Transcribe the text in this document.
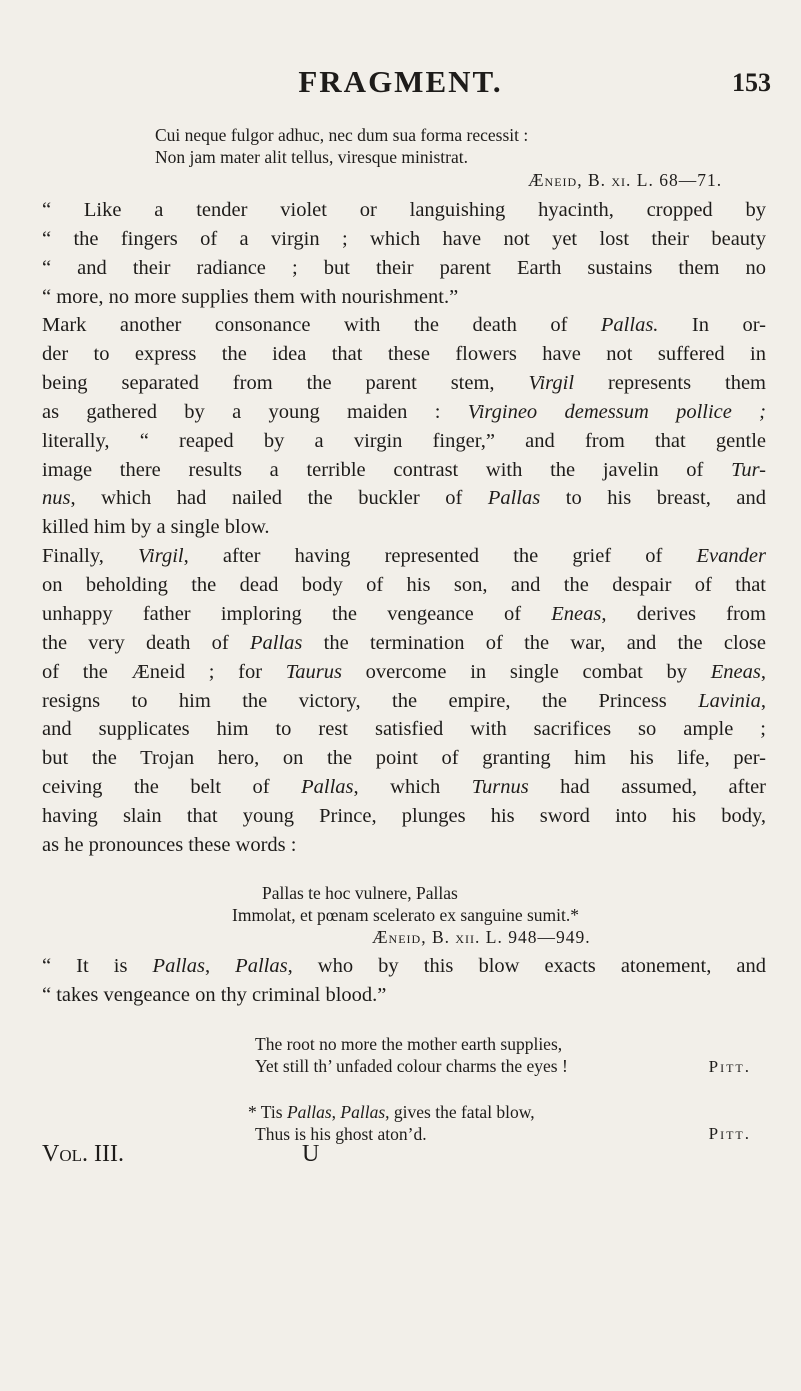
FRAGMENT.	153
Cui neque fulgor adhuc, nec dum sua forma recessit :
Non jam mater alit tellus, viresque ministrat.
Æneid, B. xi. L. 68—71.
“ Like a tender violet or languishing hyacinth, cropped by
“ the fingers of a virgin ; which have not yet lost their beauty
“ and their radiance ; but their parent Earth sustains them no
“ more, no more supplies them with nourishment.”
Mark another consonance with the death of Pallas. In or-
der to express the idea that these flowers have not suffered in
being separated from the parent stem, Virgil represents them
as gathered by a young maiden : Virgineo demessum pollice ;
literally, “ reaped by a virgin finger,” and from that gentle
image there results a terrible contrast with the javelin of Tur-
nus, which had nailed the buckler of Pallas to his breast, and
killed him by a single blow.
Finally, Virgil, after having represented the grief of Evander
on beholding the dead body of his son, and the despair of that
unhappy father imploring the vengeance of Eneas, derives from
the very death of Pallas the termination of the war, and the close
of the Æneid ; for Taurus overcome in single combat by Eneas,
resigns to him the victory, the empire, the Princess Lavinia,
and supplicates him to rest satisfied with sacrifices so ample ;
but the Trojan hero, on the point of granting him his life, per-
ceiving the belt of Pallas, which Turnus had assumed, after
having slain that young Prince, plunges his sword into his body,
as he pronounces these words :
Pallas te hoc vulnere, Pallas
Immolat, et pœnam scelerato ex sanguine sumit.*
Æneid, B. xii. L. 948—949.
“ It is Pallas, Pallas, who by this blow exacts atonement, and
“ takes vengeance on thy criminal blood.”
The root no more the mother earth supplies,
Yet still th’ unfaded colour charms the eyes !	Pitt.
* Tis Pallas, Pallas, gives the fatal blow,
Thus is his ghost aton’d.	Pitt.
Vol. III.	U
